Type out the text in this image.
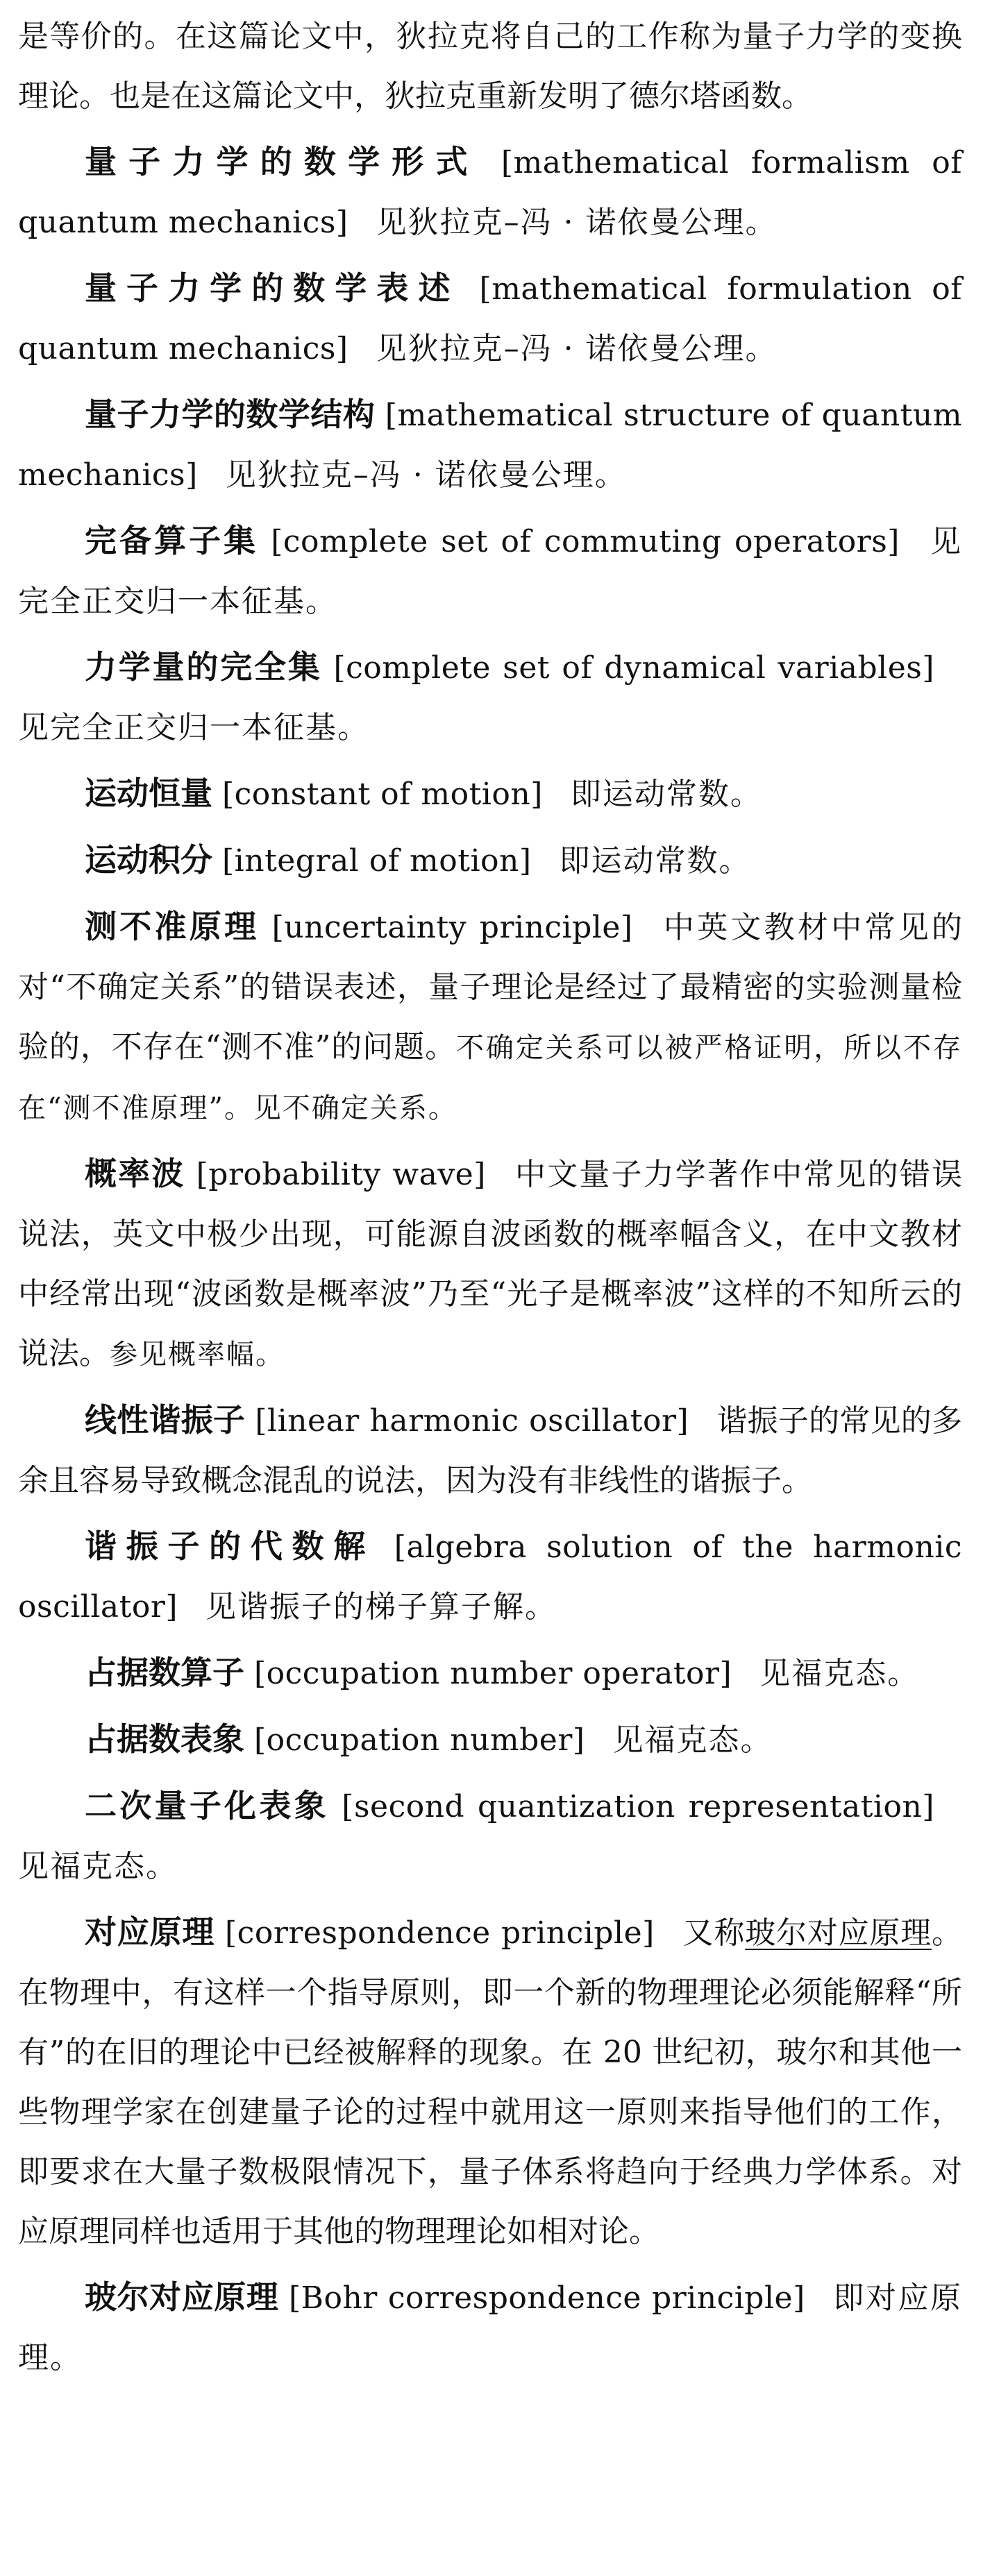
是等价的。在这篇论文中，狄拉克将自己的工作称为量子力学的变换理论。也是在这篇论文中，狄拉克重新发明了德尔塔函数。

量子力学的数学形式 [mathematical formalism of quantum mechanics] 见狄拉克–冯 · 诺依曼公理。

量子力学的数学表述 [mathematical formulation of quantum mechanics] 见狄拉克–冯 · 诺依曼公理。

量子力学的数学结构 [mathematical structure of quantum mechanics] 见狄拉克–冯 · 诺依曼公理。

完备算子集 [complete set of commuting operators] 见完全正交归一本征基。

力学量的完全集 [complete set of dynamical variables]见完全正交归一本征基。

运动恒量 [constant of motion] 即运动常数。

运动积分 [integral of motion] 即运动常数。

测不准原理 [uncertainty principle] 中英文教材中常见的对“不确定关系”的错误表述，量子理论是经过了最精密的实验测量检验的，不存在“测不准”的问题。不确定关系可以被严格证明，所以不存在“测不准原理”。见不确定关系。

概率波 [probability wave] 中文量子力学著作中常见的错误说法，英文中极少出现，可能源自波函数的概率幅含义，在中文教材中经常出现“波函数是概率波”乃至“光子是概率波”这样的不知所云的说法。参见概率幅。

线性谐振子 [linear harmonic oscillator] 谐振子的常见的多余且容易导致概念混乱的说法，因为没有非线性的谐振子。

谐振子的代数解 [algebra solution of the harmonic oscillator] 见谐振子的梯子算子解。

占据数算子 [occupation number operator] 见福克态。

占据数表象 [occupation number] 见福克态。

二次量子化表象 [second quantization representation]见福克态。

对应原理 [correspondence principle] 又称玻尔对应原理。在物理中，有这样一个指导原则，即一个新的物理理论必须能解释“所有”的在旧的理论中已经被解释的现象。在 20 世纪初，玻尔和其他一些物理学家在创建量子论的过程中就用这一原则来指导他们的工作，即要求在大量子数极限情况下，量子体系将趋向于经典力学体系。对应原理同样也适用于其他的物理理论如相对论。

玻尔对应原理 [Bohr correspondence principle] 即对应原理。
